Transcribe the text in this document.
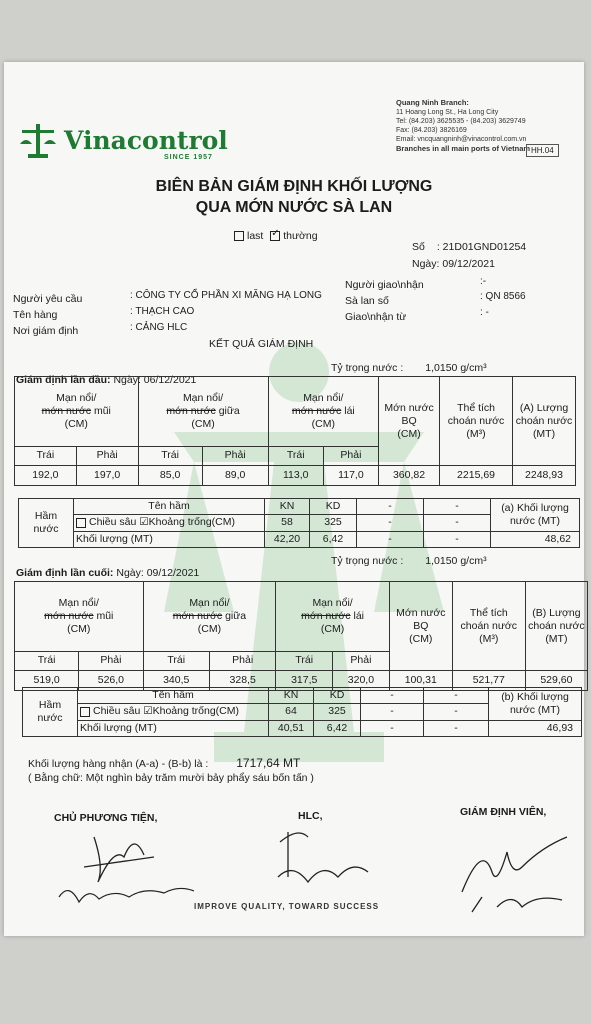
Vinacontrol
SINCE 1957
Quang Ninh Branch:
11 Hoang Long St., Ha Long City
Tel: (84.203) 3625535 - (84.203) 3629749
Fax: (84.203) 3826169
Email: vncquangninh@vinacontrol.com.vn
Branches in all main ports of Vietnam HH.04
BIÊN BẢN GIÁM ĐỊNH KHỐI LƯỢNG
QUA MỚN NƯỚC SÀ LAN
last ✓ thường
Số : 21D01GND01254
Ngày: 09/12/2021
Người yêu cầu	: CÔNG TY CỔ PHẦN XI MĂNG HẠ LONG
Tên hàng	: THẠCH CAO
Nơi giám định	: CẢNG HLC
Người giao\nhận	:-
Sà lan số	: QN 8566
Giao\nhận từ	: -
KẾT QUẢ GIÁM ĐỊNH
Giám định lần đầu: Ngày: 06/12/2021
Tỷ trọng nước : 1,0150 g/cm³
Mạn nổi/
mớn nước mũi
(CM)		Mạn nổi/
mớn nước giữa
(CM)		Mạn nổi/
mớn nước lái
(CM)		Mớn nước
BQ
(CM)	Thể tích
choán nước
(M³)	(A) Lượng
choán nước
(MT)
Trái	Phải	Trái	Phải	Trái	Phải			
192,0	197,0	85,0	89,0	113,0	117,0	360,82	2215,69	2248,93
Hầm
nước	Tên hầm	KN	KD	-	-	(a) Khối lượng nước (MT)
	Chiều sâu ☑Khoảng trống(CM)	58	325	-	-	
	Khối lượng (MT)	42,20	6,42	-	-	48,62
Giám định lần cuối: Ngày: 09/12/2021
Tỷ trọng nước : 1,0150 g/cm³
Mạn nổi/
mớn nước mũi
(CM)		Mạn nổi/
mớn nước giữa
(CM)		Mạn nổi/
mớn nước lái
(CM)		Mớn nước
BQ
(CM)	Thể tích
choán nước
(M³)	(B) Lượng
choán nước
(MT)
Trái	Phải	Trái	Phải	Trái	Phải			
519,0	526,0	340,5	328,5	317,5	320,0	100,31	521,77	529,60
Hầm
nước	Tên hầm	KN	KD	-	-	(b) Khối lượng nước (MT)
	Chiều sâu ☑Khoảng trống(CM)	64	325	-	-	
	Khối lượng (MT)	40,51	6,42	-	-	46,93
Khối lượng hàng nhận (A-a) - (B-b) là : 1717,64 MT
( Bằng chữ: Một nghìn bảy trăm mười bảy phẩy sáu bốn tấn )
CHỦ PHƯƠNG TIỆN,	HLC,	GIÁM ĐỊNH VIÊN,
IMPROVE QUALITY, TOWARD SUCCESS
